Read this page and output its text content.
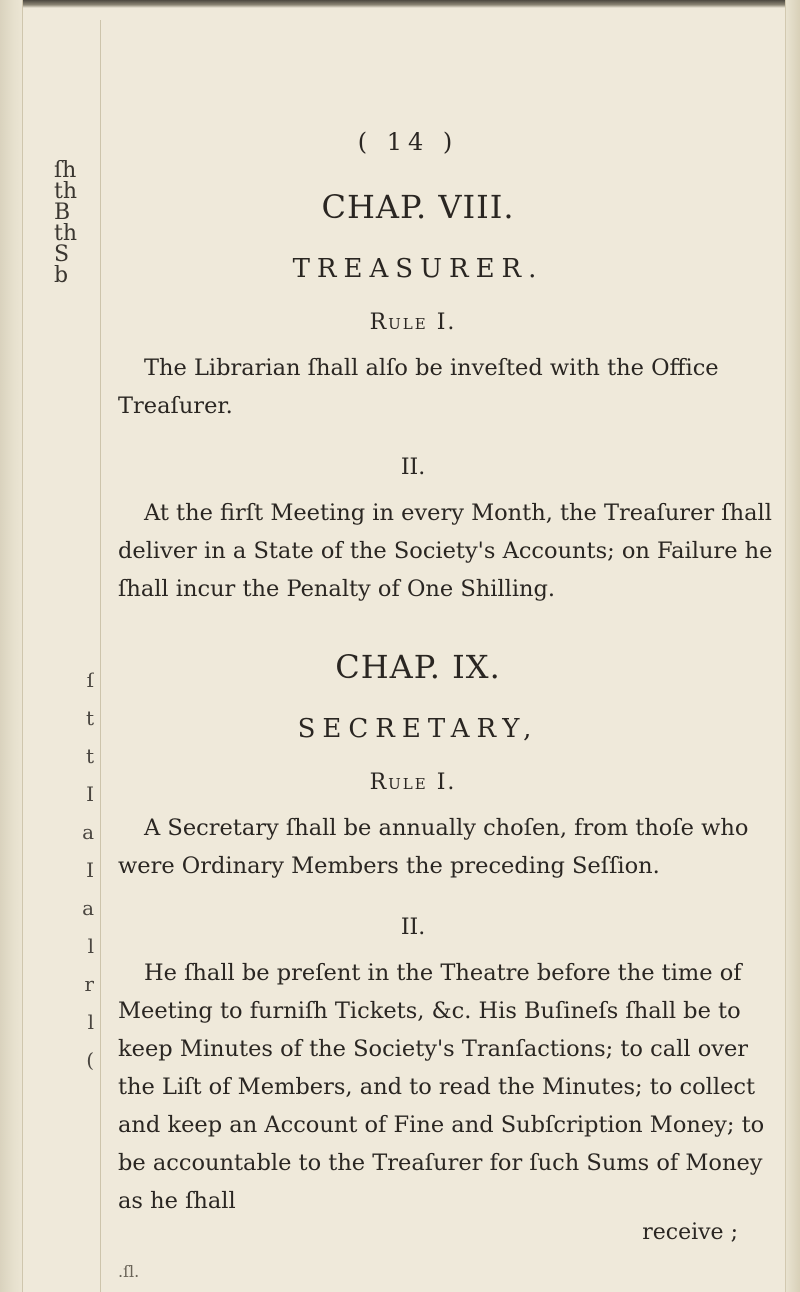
ſh
th
B
th
S
b
ſ
t
t
I
a
I
a
l
r
l
(
( 14 )
CHAP. VIII.
TREASURER.
Rule I.

The Librarian ſhall alſo be inveſted with the Office Treaſurer.

II.

At the firſt Meeting in every Month, the Treaſurer ſhall deliver in a State of the Society's Accounts; on Failure he ſhall incur the Penalty of One Shilling.

CHAP. IX.
SECRETARY,
Rule I.

A Secretary ſhall be annually choſen, from thoſe who were Ordinary Members the preceding Seſſion.

II.

He ſhall be preſent in the Theatre before the time of Meeting to furniſh Tickets, &c. His Buſineſs ſhall be to keep Minutes of the Society's Tranſactions; to call over the Liſt of Members, and to read the Minutes; to collect and keep an Account of Fine and Subſcription Money; to be accountable to the Treaſurer for ſuch Sums of Money as he ſhall

receive ;
.ſl.
